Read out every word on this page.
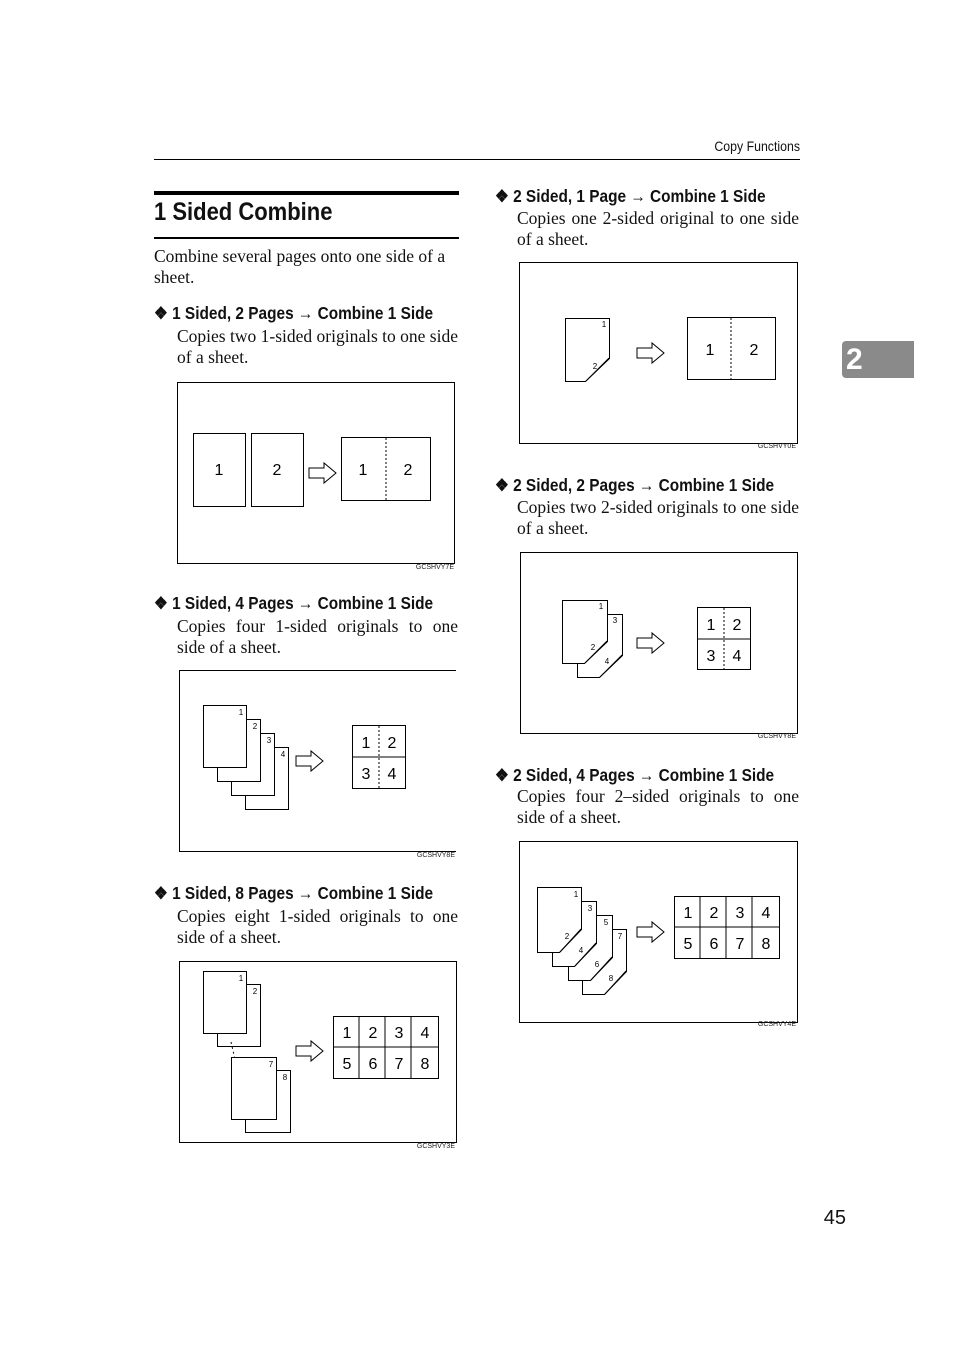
Copy Functions
2
1 Sided Combine
Combine several pages onto one side of a sheet.
❖ 1 Sided, 2 Pages → Combine 1 Side
Copies two 1-sided originals to one side of a sheet.
1	2	1 2
GCSHVY7E
❖ 1 Sided, 4 Pages → Combine 1 Side
Copies four 1-sided originals to one side of a sheet.
4
3
2
1
1 2
3 4
GCSHVY8E
❖ 1 Sided, 8 Pages → Combine 1 Side
Copies eight 1-sided originals to one side of a sheet.
2
1
8
7
1 2 3 4
5 6 7 8
GCSHVY3E
❖ 2 Sided, 1 Page → Combine 1 Side
Copies one 2-sided original to one side of a sheet.
1
2
1 2
GCSHVY0E
❖ 2 Sided, 2 Pages → Combine 1 Side
Copies two 2-sided originals to one side of a sheet.
3
4
1
2
1 2
3 4
GCSHVY8E
❖ 2 Sided, 4 Pages → Combine 1 Side
Copies four 2–sided originals to one side of a sheet.
7
8
5
6
3
4
1
2
1 2 3 4
5 6 7 8
GCSHVY4E
45
